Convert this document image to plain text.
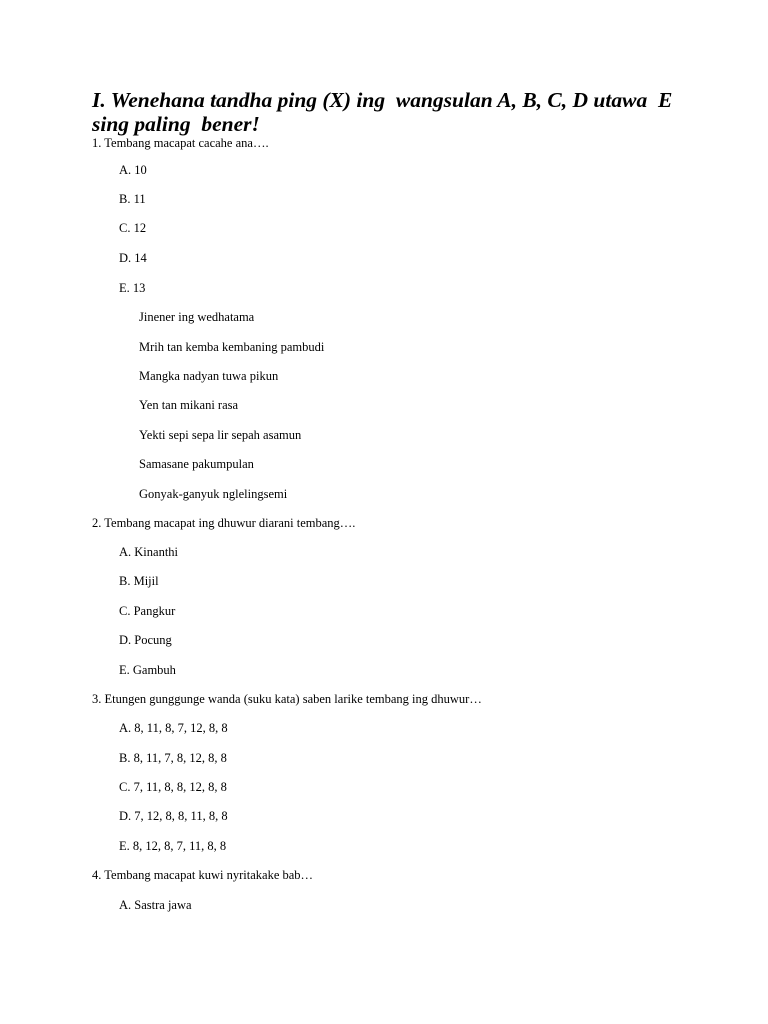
I. Wenehana tandha ping (X) ing  wangsulan A, B, C, D utawa  E
sing paling  bener!
1. Tembang macapat cacahe ana….
A. 10
B. 11
C. 12
D. 14
E. 13
Jinener ing wedhatama
Mrih tan kemba kembaning pambudi
Mangka nadyan tuwa pikun
Yen tan mikani rasa
Yekti sepi sepa lir sepah asamun
Samasane pakumpulan
Gonyak-ganyuk nglelingsemi
2. Tembang macapat ing dhuwur diarani tembang….
A. Kinanthi
B. Mijil
C. Pangkur
D. Pocung
E. Gambuh
3. Etungen gunggunge wanda (suku kata) saben larike tembang ing dhuwur…
A. 8, 11, 8, 7, 12, 8, 8
B. 8, 11, 7, 8, 12, 8, 8
C. 7, 11, 8, 8, 12, 8, 8
D. 7, 12, 8, 8, 11, 8, 8
E. 8, 12, 8, 7, 11, 8, 8
4. Tembang macapat kuwi nyritakake bab…
A. Sastra jawa
